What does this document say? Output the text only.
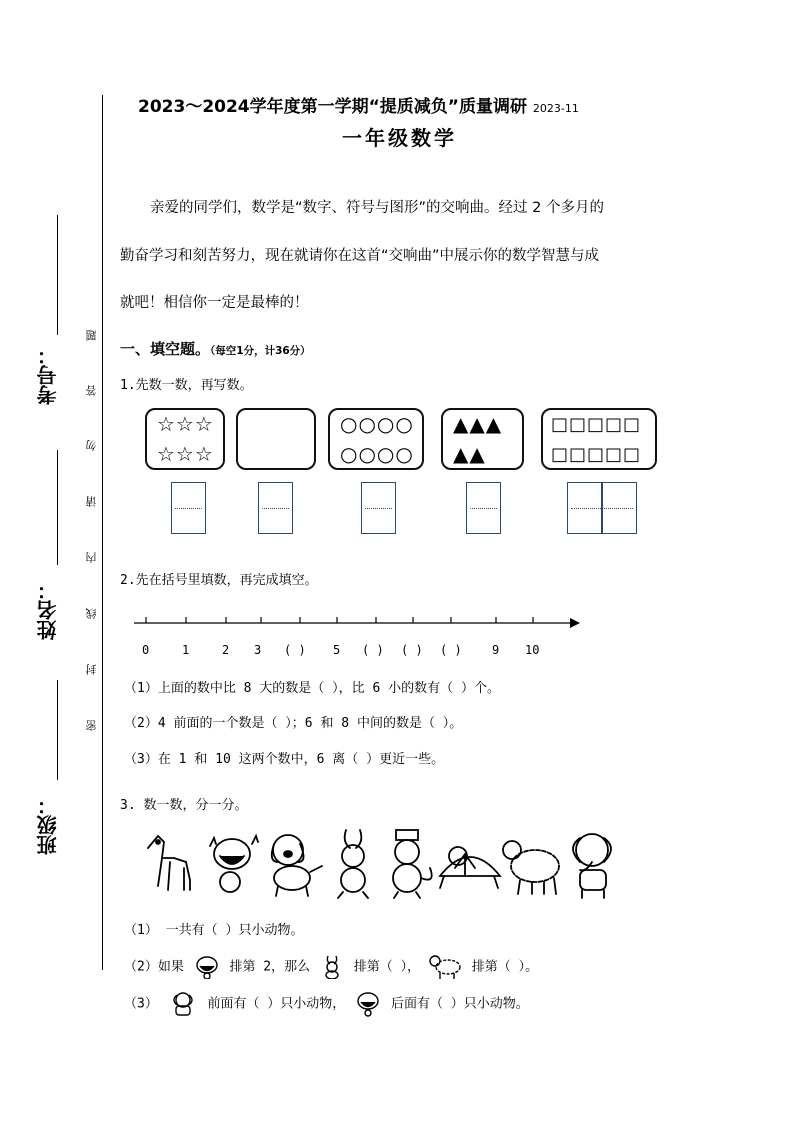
考号：
姓名：
班级：
题
答
勿
请
内
线
封
密
2023～2024学年度第一学期“提质减负”质量调研 2023-11
一年级数学
亲爱的同学们，数学是“数字、符号与图形”的交响曲。经过 2 个多月的
勤奋学习和刻苦努力，现在就请你在这首“交响曲”中展示你的数学智慧与成
就吧！相信你一定是最棒的！
一、填空题。（每空1分，计36分）
1.先数一数，再写数。
☆☆☆
☆☆☆
○○○○
○○○○
▲▲▲
▲▲
□□□□□
□□□□□
2.先在括号里填数，再完成填空。
0	1	2 3 ( ) 5 ( ) ( ) ( )	9 10
（1）上面的数中比 8 大的数是（ ），比 6 小的数有（ ）个。
（2）4 前面的一个数是（ ）；6 和 8 中间的数是（ ）。
（3）在 1 和 10 这两个数中，6 离（ ）更近一些。
3. 数一数，分一分。
（1） 一共有（ ）只小动物。
（2）如果	排第 2，那么	排第（ ），	排第（ ）。
（3）	前面有（ ）只小动物，	后面有（ ）只小动物。
